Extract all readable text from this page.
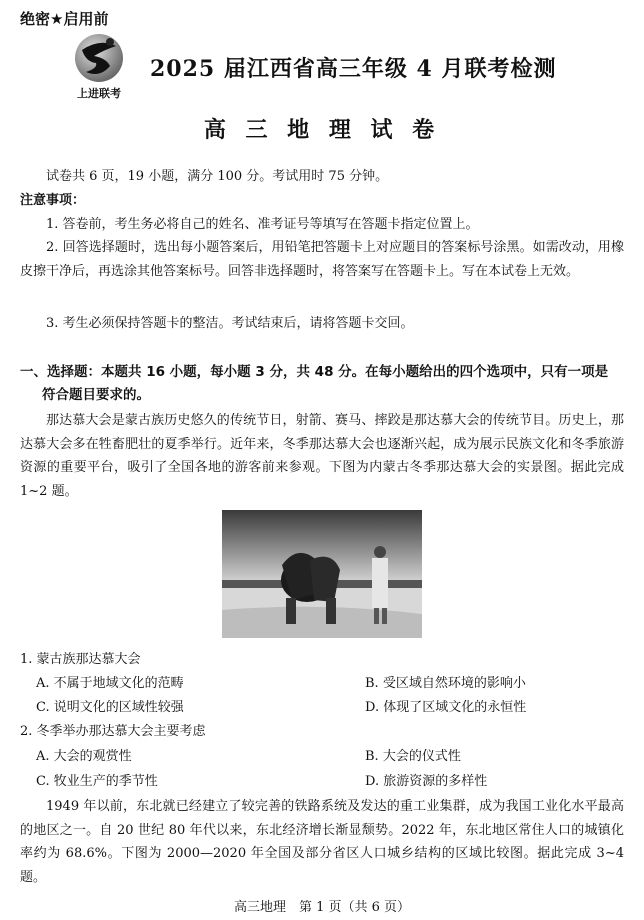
绝密★启用前
上进联考
2025 届江西省高三年级 4 月联考检测
高 三 地 理 试 卷
试卷共 6 页，19 小题，满分 100 分。考试用时 75 分钟。
注意事项：
1. 答卷前，考生务必将自己的姓名、准考证号等填写在答题卡指定位置上。
2. 回答选择题时，选出每小题答案后，用铅笔把答题卡上对应题目的答案标号涂黑。如需改动，用橡皮擦干净后，再选涂其他答案标号。回答非选择题时，将答案写在答题卡上。写在本试卷上无效。
3. 考生必须保持答题卡的整洁。考试结束后，请将答题卡交回。
一、选择题：本题共 16 小题，每小题 3 分，共 48 分。在每小题给出的四个选项中，只有一项是
符合题目要求的。
那达慕大会是蒙古族历史悠久的传统节日，射箭、赛马、摔跤是那达慕大会的传统节目。历史上，那达慕大会多在牲畜肥壮的夏季举行。近年来，冬季那达慕大会也逐渐兴起，成为展示民族文化和冬季旅游资源的重要平台，吸引了全国各地的游客前来参观。下图为内蒙古冬季那达慕大会的实景图。据此完成 1~2 题。
1. 蒙古族那达慕大会
A. 不属于地域文化的范畴	B. 受区域自然环境的影响小
C. 说明文化的区域性较强	D. 体现了区域文化的永恒性
2. 冬季举办那达慕大会主要考虑
A. 大会的观赏性	B. 大会的仪式性
C. 牧业生产的季节性	D. 旅游资源的多样性
1949 年以前，东北就已经建立了较完善的铁路系统及发达的重工业集群，成为我国工业化水平最高的地区之一。自 20 世纪 80 年代以来，东北经济增长渐显颓势。2022 年，东北地区常住人口的城镇化率约为 68.6%。下图为 2000—2020 年全国及部分省区人口城乡结构的区域比较图。据此完成 3~4 题。
高三地理　第 1 页（共 6 页）
